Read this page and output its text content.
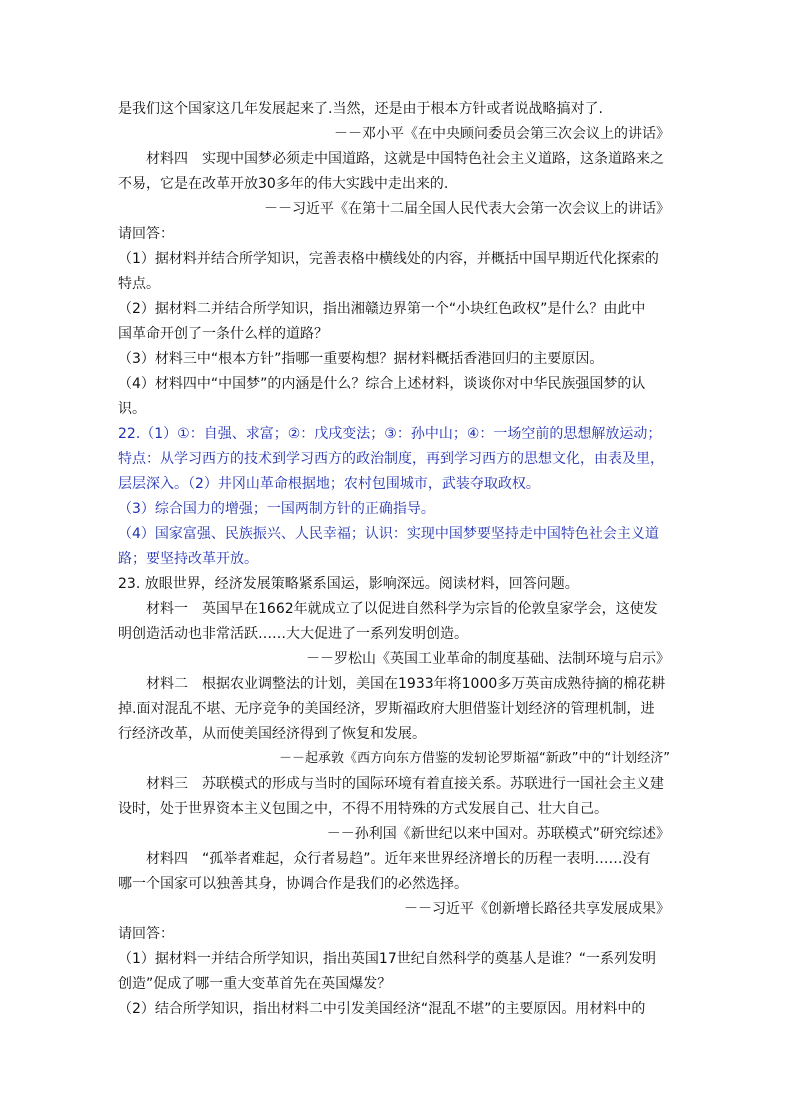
是我们这个国家这几年发展起来了.当然，还是由于根本方针或者说战略搞对了.
－－邓小平《在中央顾问委员会第三次会议上的讲话》
材料四　实现中国梦必须走中国道路，这就是中国特色社会主义道路，这条道路来之
不易，它是在改革开放30多年的伟大实践中走出来的.
－－习近平《在第十二届全国人民代表大会第一次会议上的讲话》
请回答：
（1）据材料并结合所学知识，完善表格中横线处的内容，并概括中国早期近代化探索的
特点。
（2）据材料二并结合所学知识，指出湘赣边界第一个“小块红色政权”是什么？由此中
国革命开创了一条什么样的道路？
（3）材料三中“根本方针”指哪一重要构想？据材料概括香港回归的主要原因。
（4）材料四中“中国梦”的内涵是什么？综合上述材料，谈谈你对中华民族强国梦的认
识。
22.（1）①：自强、求富；②：戊戌变法；③：孙中山；④：一场空前的思想解放运动；
特点：从学习西方的技术到学习西方的政治制度，再到学习西方的思想文化，由表及里，
层层深入。（2）井冈山革命根据地；农村包围城市，武装夺取政权。
（3）综合国力的增强；一国两制方针的正确指导。
（4）国家富强、民族振兴、人民幸福；认识：实现中国梦要坚持走中国特色社会主义道
路；要坚持改革开放。
23. 放眼世界，经济发展策略紧系国运，影响深远。阅读材料，回答问题。
材料一　英国早在1662年就成立了以促进自然科学为宗旨的伦敦皇家学会，这使发
明创造活动也非常活跃……大大促进了一系列发明创造。
－－罗松山《英国工业革命的制度基础、法制环境与启示》
材料二　根据农业调整法的计划，美国在1933年将1000多万英亩成熟待摘的棉花耕
掉.面对混乱不堪、无序竞争的美国经济，罗斯福政府大胆借鉴计划经济的管理机制，进
行经济改革，从而使美国经济得到了恢复和发展。
－－起承敦《西方向东方借鉴的发轫论罗斯福“新政”中的“计划经济”
材料三　苏联模式的形成与当时的国际环境有着直接关系。苏联进行一国社会主义建
设时，处于世界资本主义包围之中，不得不用特殊的方式发展自己、壮大自己。
－－孙利国《新世纪以来中国对。苏联模式”研究综述》
材料四　“孤举者难起，众行者易趋”。近年来世界经济增长的历程一表明……没有
哪一个国家可以独善其身，协调合作是我们的必然选择。
－－习近平《创新增长路径共享发展成果》
请回答：
（1）据材料一并结合所学知识，指出英国17世纪自然科学的奠基人是谁？“一系列发明
创造”促成了哪一重大变革首先在英国爆发？
（2）结合所学知识，指出材料二中引发美国经济“混乱不堪”的主要原因。用材料中的
